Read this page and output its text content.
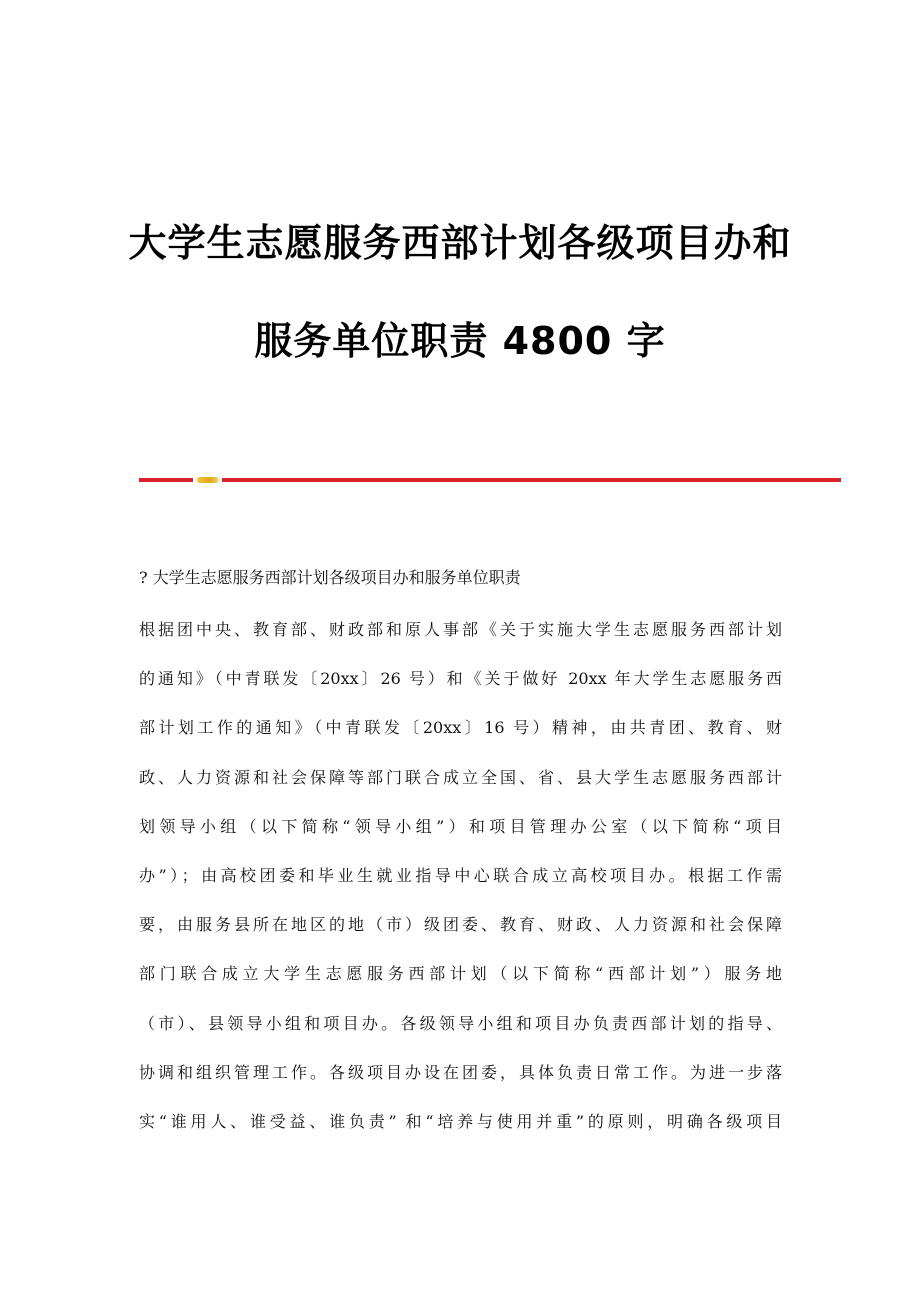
大学生志愿服务西部计划各级项目办和
服务单位职责 4800 字

? 大学生志愿服务西部计划各级项目办和服务单位职责

根据团中央、教育部、财政部和原人事部《关于实施大学生志愿服务西部计划
的通知》（中青联发〔20xx〕26 号）和《关于做好 20xx 年大学生志愿服务西
部计划工作的通知》（中青联发〔20xx〕16 号）精神，由共青团、教育、财
政、人力资源和社会保障等部门联合成立全国、省、县大学生志愿服务西部计
划领导小组（以下简称“领导小组”）和项目管理办公室（以下简称“项目
办”）；由高校团委和毕业生就业指导中心联合成立高校项目办。根据工作需
要，由服务县所在地区的地（市）级团委、教育、财政、人力资源和社会保障
部门联合成立大学生志愿服务西部计划（以下简称“西部计划”）服务地
（市）、县领导小组和项目办。各级领导小组和项目办负责西部计划的指导、
协调和组织管理工作。各级项目办设在团委，具体负责日常工作。为进一步落
实“谁用人、谁受益、谁负责” 和“培养与使用并重”的原则，明确各级项目
